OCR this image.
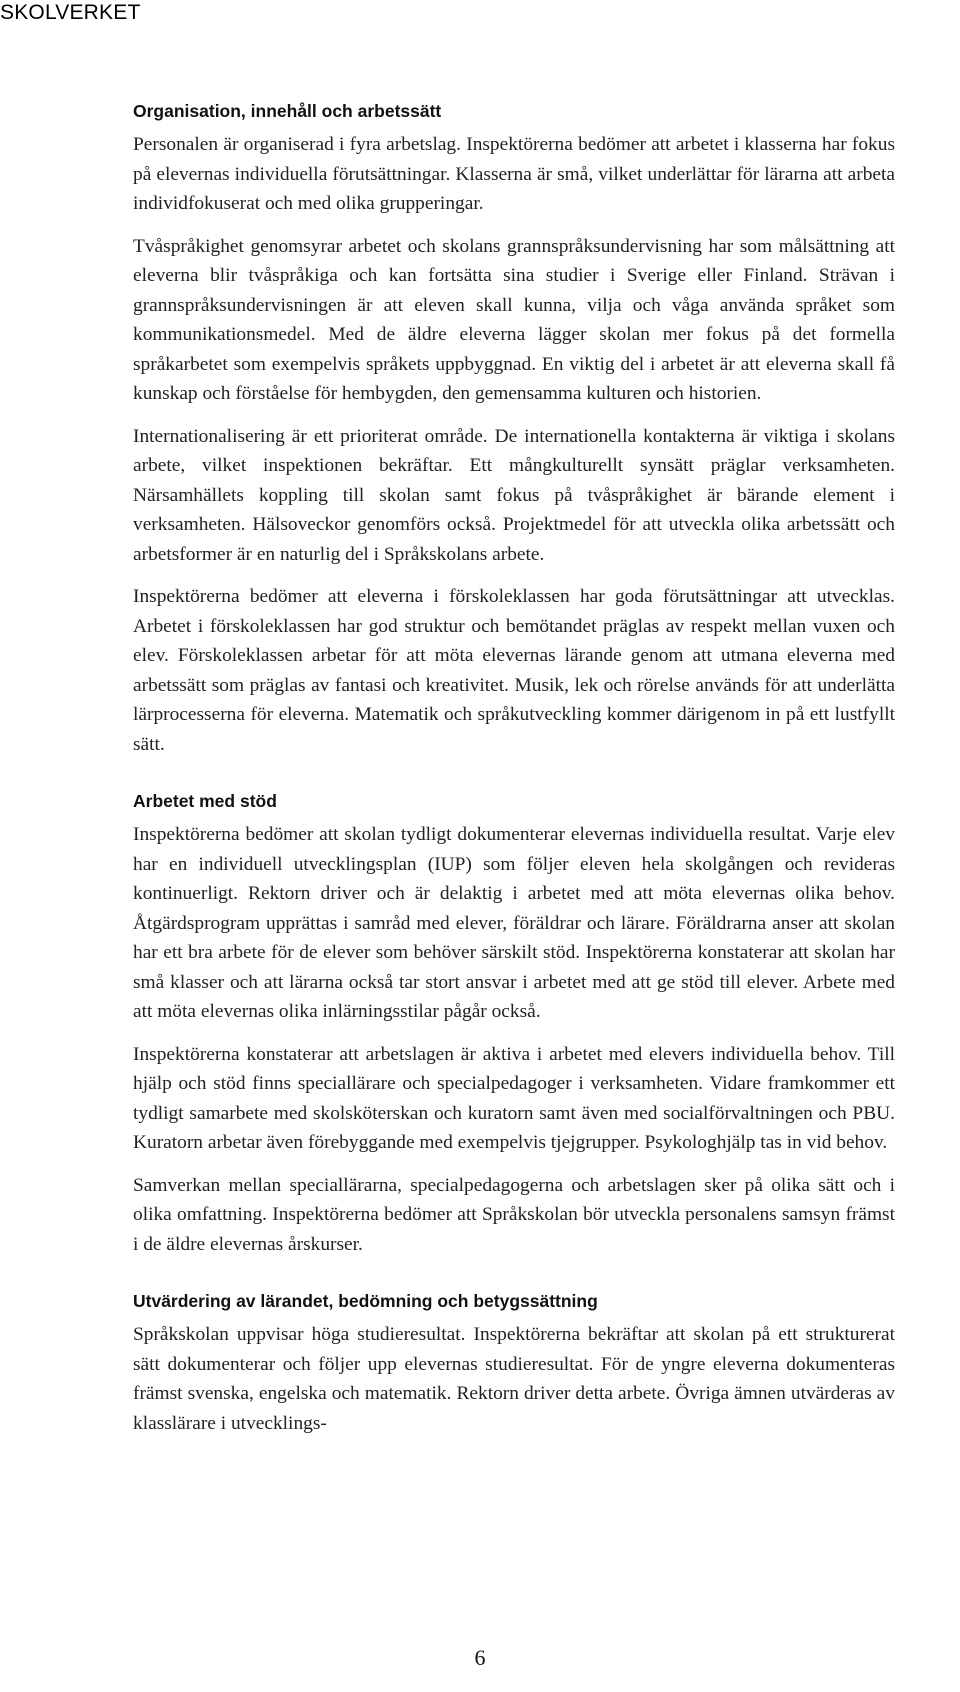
SKOLVERKET
Organisation, innehåll och arbetssätt

Personalen är organiserad i fyra arbetslag. Inspektörerna bedömer att arbetet i klasserna har fokus på elevernas individuella förutsättningar. Klasserna är små, vilket underlättar för lärarna att arbeta individfokuserat och med olika grupperingar.

Tvåspråkighet genomsyrar arbetet och skolans grannspråksundervisning har som målsättning att eleverna blir tvåspråkiga och kan fortsätta sina studier i Sverige eller Finland. Strävan i grannspråksundervisningen är att eleven skall kunna, vilja och våga använda språket som kommunikationsmedel. Med de äldre eleverna lägger skolan mer fokus på det formella språkarbetet som exempelvis språkets uppbyggnad. En viktig del i arbetet är att eleverna skall få kunskap och förståelse för hembygden, den gemensamma kulturen och historien.

Internationalisering är ett prioriterat område. De internationella kontakterna är viktiga i skolans arbete, vilket inspektionen bekräftar. Ett mångkulturellt synsätt präglar verksamheten. Närsamhällets koppling till skolan samt fokus på tvåspråkighet är bärande element i verksamheten. Hälsoveckor genomförs också. Projektmedel för att utveckla olika arbetssätt och arbetsformer är en naturlig del i Språkskolans arbete.

Inspektörerna bedömer att eleverna i förskoleklassen har goda förutsättningar att utvecklas. Arbetet i förskoleklassen har god struktur och bemötandet präglas av respekt mellan vuxen och elev. Förskoleklassen arbetar för att möta elevernas lärande genom att utmana eleverna med arbetssätt som präglas av fantasi och kreativitet. Musik, lek och rörelse används för att underlätta lärprocesserna för eleverna. Matematik och språkutveckling kommer därigenom in på ett lustfyllt sätt.

Arbetet med stöd

Inspektörerna bedömer att skolan tydligt dokumenterar elevernas individuella resultat. Varje elev har en individuell utvecklingsplan (IUP) som följer eleven hela skolgången och revideras kontinuerligt. Rektorn driver och är delaktig i arbetet med att möta elevernas olika behov. Åtgärdsprogram upprättas i samråd med elever, föräldrar och lärare. Föräldrarna anser att skolan har ett bra arbete för de elever som behöver särskilt stöd. Inspektörerna konstaterar att skolan har små klasser och att lärarna också tar stort ansvar i arbetet med att ge stöd till elever. Arbete med att möta elevernas olika inlärningsstilar pågår också.

Inspektörerna konstaterar att arbetslagen är aktiva i arbetet med elevers individuella behov. Till hjälp och stöd finns speciallärare och specialpedagoger i verksamheten. Vidare framkommer ett tydligt samarbete med skolsköterskan och kuratorn samt även med socialförvaltningen och PBU. Kuratorn arbetar även förebyggande med exempelvis tjejgrupper. Psykologhjälp tas in vid behov.

Samverkan mellan speciallärarna, specialpedagogerna och arbetslagen sker på olika sätt och i olika omfattning. Inspektörerna bedömer att Språkskolan bör utveckla personalens samsyn främst i de äldre elevernas årskurser.

Utvärdering av lärandet, bedömning och betygssättning

Språkskolan uppvisar höga studieresultat. Inspektörerna bekräftar att skolan på ett strukturerat sätt dokumenterar och följer upp elevernas studieresultat. För de yngre eleverna dokumenteras främst svenska, engelska och matematik. Rektorn driver detta arbete. Övriga ämnen utvärderas av klasslärare i utvecklings-

6
